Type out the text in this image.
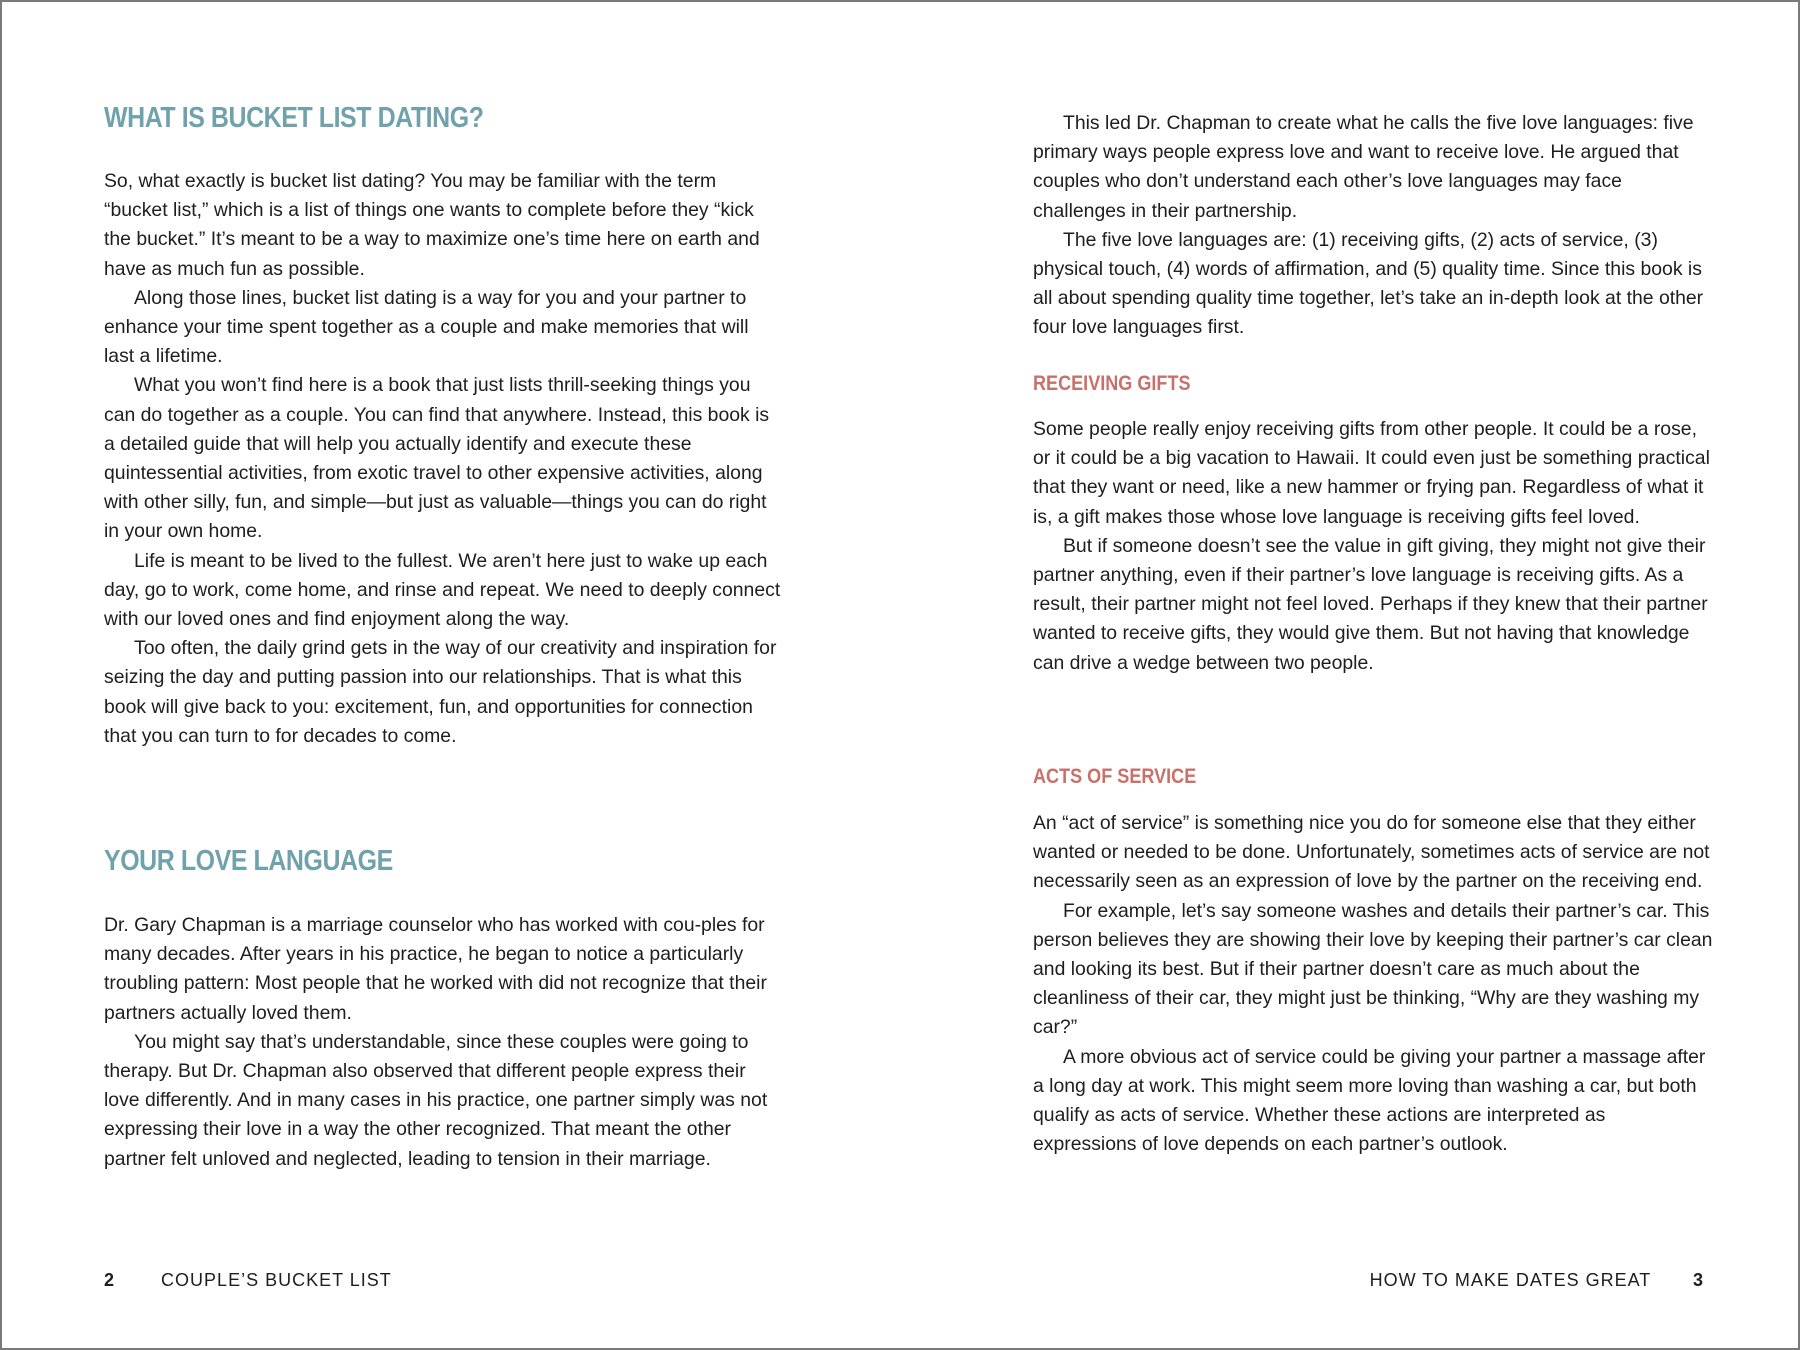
WHAT IS BUCKET LIST DATING?

So, what exactly is bucket list dating? You may be familiar with the term “bucket list,” which is a list of things one wants to complete before they “kick the bucket.” It’s meant to be a way to maximize one’s time here on earth and have as much fun as possible.

Along those lines, bucket list dating is a way for you and your partner to enhance your time spent together as a couple and make memories that will last a lifetime.

What you won’t find here is a book that just lists thrill-seeking things you can do together as a couple. You can find that anywhere. Instead, this book is a detailed guide that will help you actually identify and execute these quintessential activities, from exotic travel to other expensive activities, along with other silly, fun, and simple—but just as valuable—things you can do right in your own home.

Life is meant to be lived to the fullest. We aren’t here just to wake up each day, go to work, come home, and rinse and repeat. We need to deeply connect with our loved ones and find enjoyment along the way.

Too often, the daily grind gets in the way of our creativity and inspiration for seizing the day and putting passion into our relationships. That is what this book will give back to you: excitement, fun, and opportunities for connection that you can turn to for decades to come.

YOUR LOVE LANGUAGE

Dr. Gary Chapman is a marriage counselor who has worked with cou-ples for many decades. After years in his practice, he began to notice a particularly troubling pattern: Most people that he worked with did not recognize that their partners actually loved them.

You might say that’s understandable, since these couples were going to therapy. But Dr. Chapman also observed that different people express their love differently. And in many cases in his practice, one partner simply was not expressing their love in a way the other recognized. That meant the other partner felt unloved and neglected, leading to tension in their marriage.

2	COUPLE’S BUCKET LIST

This led Dr. Chapman to create what he calls the five love languages: five primary ways people express love and want to receive love. He argued that couples who don’t understand each other’s love languages may face challenges in their partnership.

The five love languages are: (1) receiving gifts, (2) acts of service, (3) physical touch, (4) words of affirmation, and (5) quality time. Since this book is all about spending quality time together, let’s take an in-depth look at the other four love languages first.

RECEIVING GIFTS

Some people really enjoy receiving gifts from other people. It could be a rose, or it could be a big vacation to Hawaii. It could even just be something practical that they want or need, like a new hammer or frying pan. Regardless of what it is, a gift makes those whose love language is receiving gifts feel loved.

But if someone doesn’t see the value in gift giving, they might not give their partner anything, even if their partner’s love language is receiving gifts. As a result, their partner might not feel loved. Perhaps if they knew that their partner wanted to receive gifts, they would give them. But not having that knowledge can drive a wedge between two people.

ACTS OF SERVICE

An “act of service” is something nice you do for someone else that they either wanted or needed to be done. Unfortunately, sometimes acts of service are not necessarily seen as an expression of love by the partner on the receiving end.

For example, let’s say someone washes and details their partner’s car. This person believes they are showing their love by keeping their partner’s car clean and looking its best. But if their partner doesn’t care as much about the cleanliness of their car, they might just be thinking, “Why are they washing my car?”

A more obvious act of service could be giving your partner a massage after a long day at work. This might seem more loving than washing a car, but both qualify as acts of service. Whether these actions are interpreted as expressions of love depends on each partner’s outlook.

HOW TO MAKE DATES GREAT 3
